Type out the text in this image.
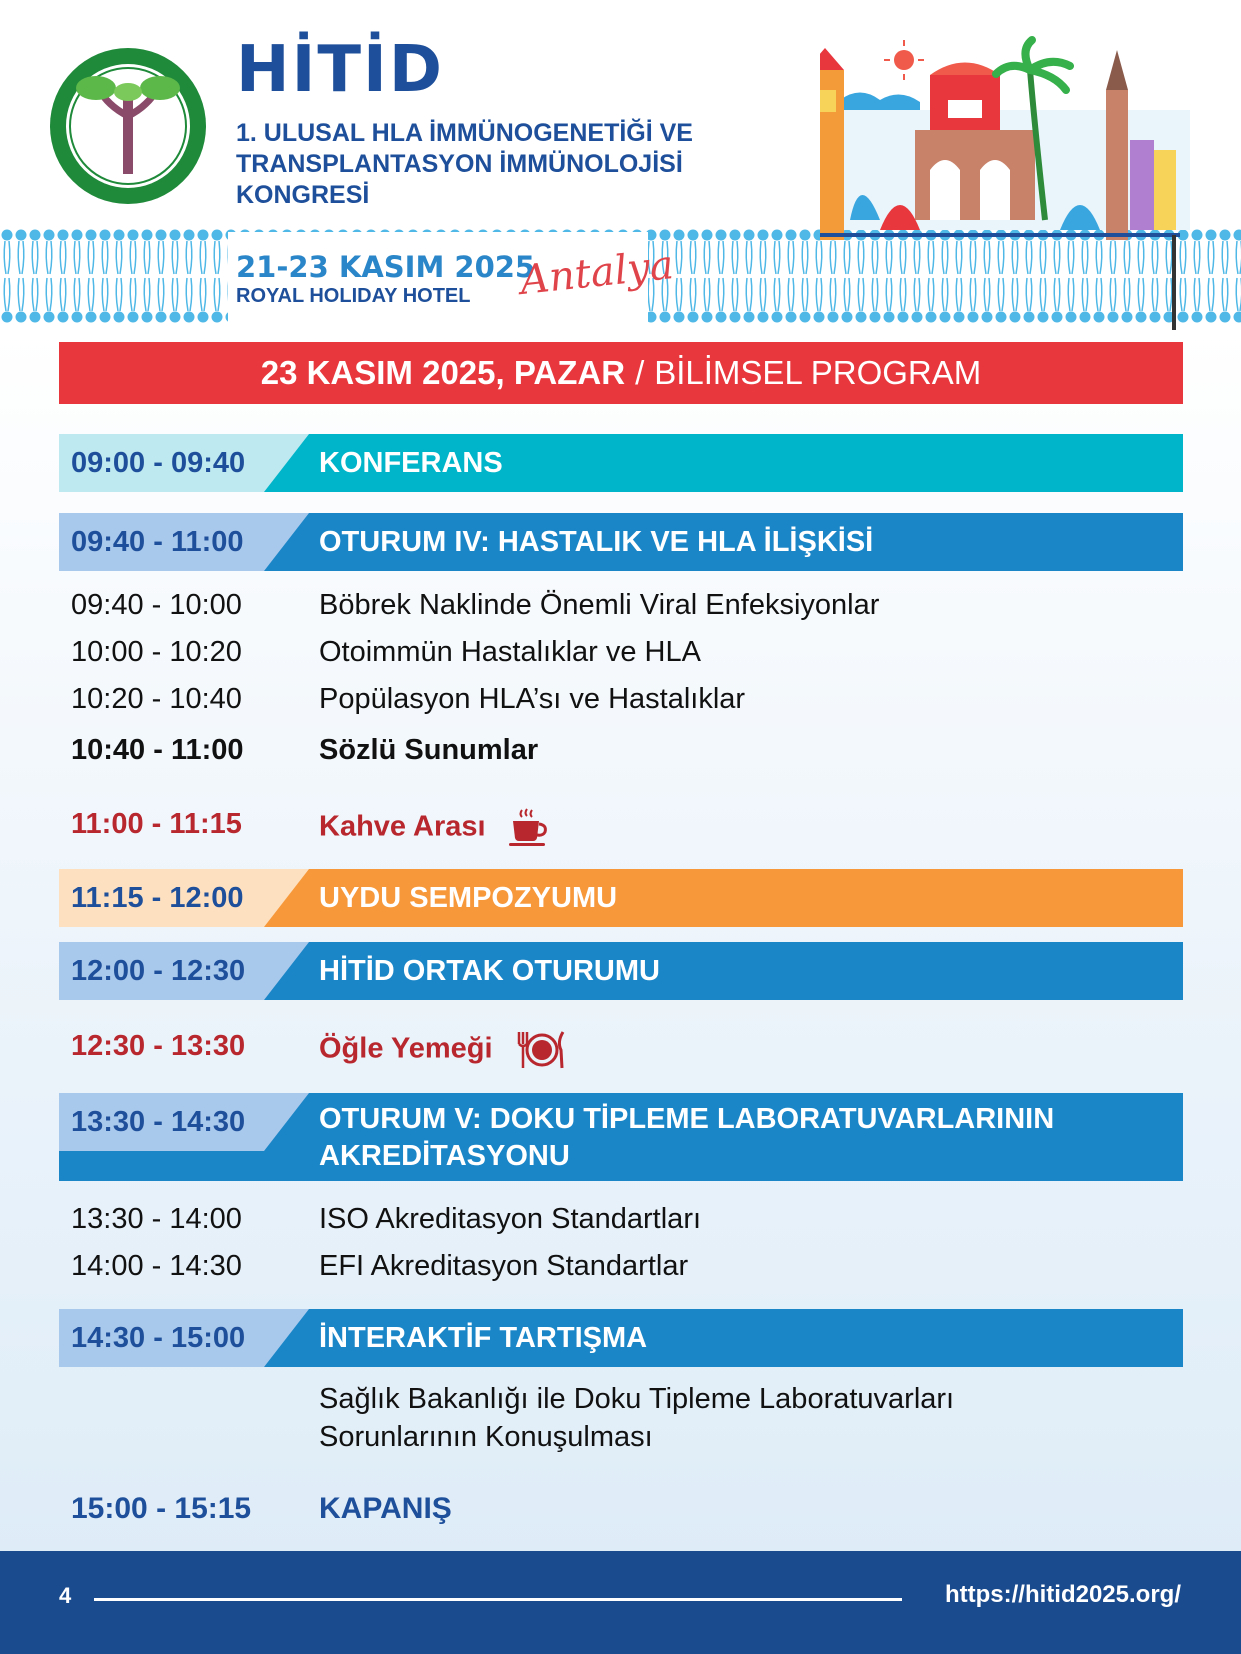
HİTİD
1. ULUSAL HLA İMMÜNOGENETİĞİ VE TRANSPLANTASYON İMMÜNOLOJİSİ KONGRESİ
21-23 KASIM 2025
ROYAL HOLIDAY HOTEL Antalya
23 KASIM 2025, PAZAR / BİLİMSEL PROGRAM
09:00 - 09:40	KONFERANS
09:40 - 11:00	OTURUM IV: HASTALIK VE HLA İLİŞKİSİ
09:40 - 10:00	Böbrek Naklinde Önemli Viral Enfeksiyonlar
10:00 - 10:20	Otoimmün Hastalıklar ve HLA
10:20 - 10:40	Popülasyon HLA’sı ve Hastalıklar
10:40 - 11:00	Sözlü Sunumlar
11:00 - 11:15	Kahve Arası
11:15 - 12:00	UYDU SEMPOZYUMU
12:00 - 12:30	HİTİD ORTAK OTURUMU
12:30 - 13:30	Öğle Yemeği
13:30 - 14:30	OTURUM V: DOKU TİPLEME LABORATUVARLARININ
AKREDİTASYONU
13:30 - 14:00	ISO Akreditasyon Standartları
14:00 - 14:30	EFI Akreditasyon Standartlar
14:30 - 15:00	İNTERAKTİF TARTIŞMA
Sağlık Bakanlığı ile Doku Tipleme Laboratuvarları
Sorunlarının Konuşulması
15:00 - 15:15 KAPANIŞ
4	https://hitid2025.org/
